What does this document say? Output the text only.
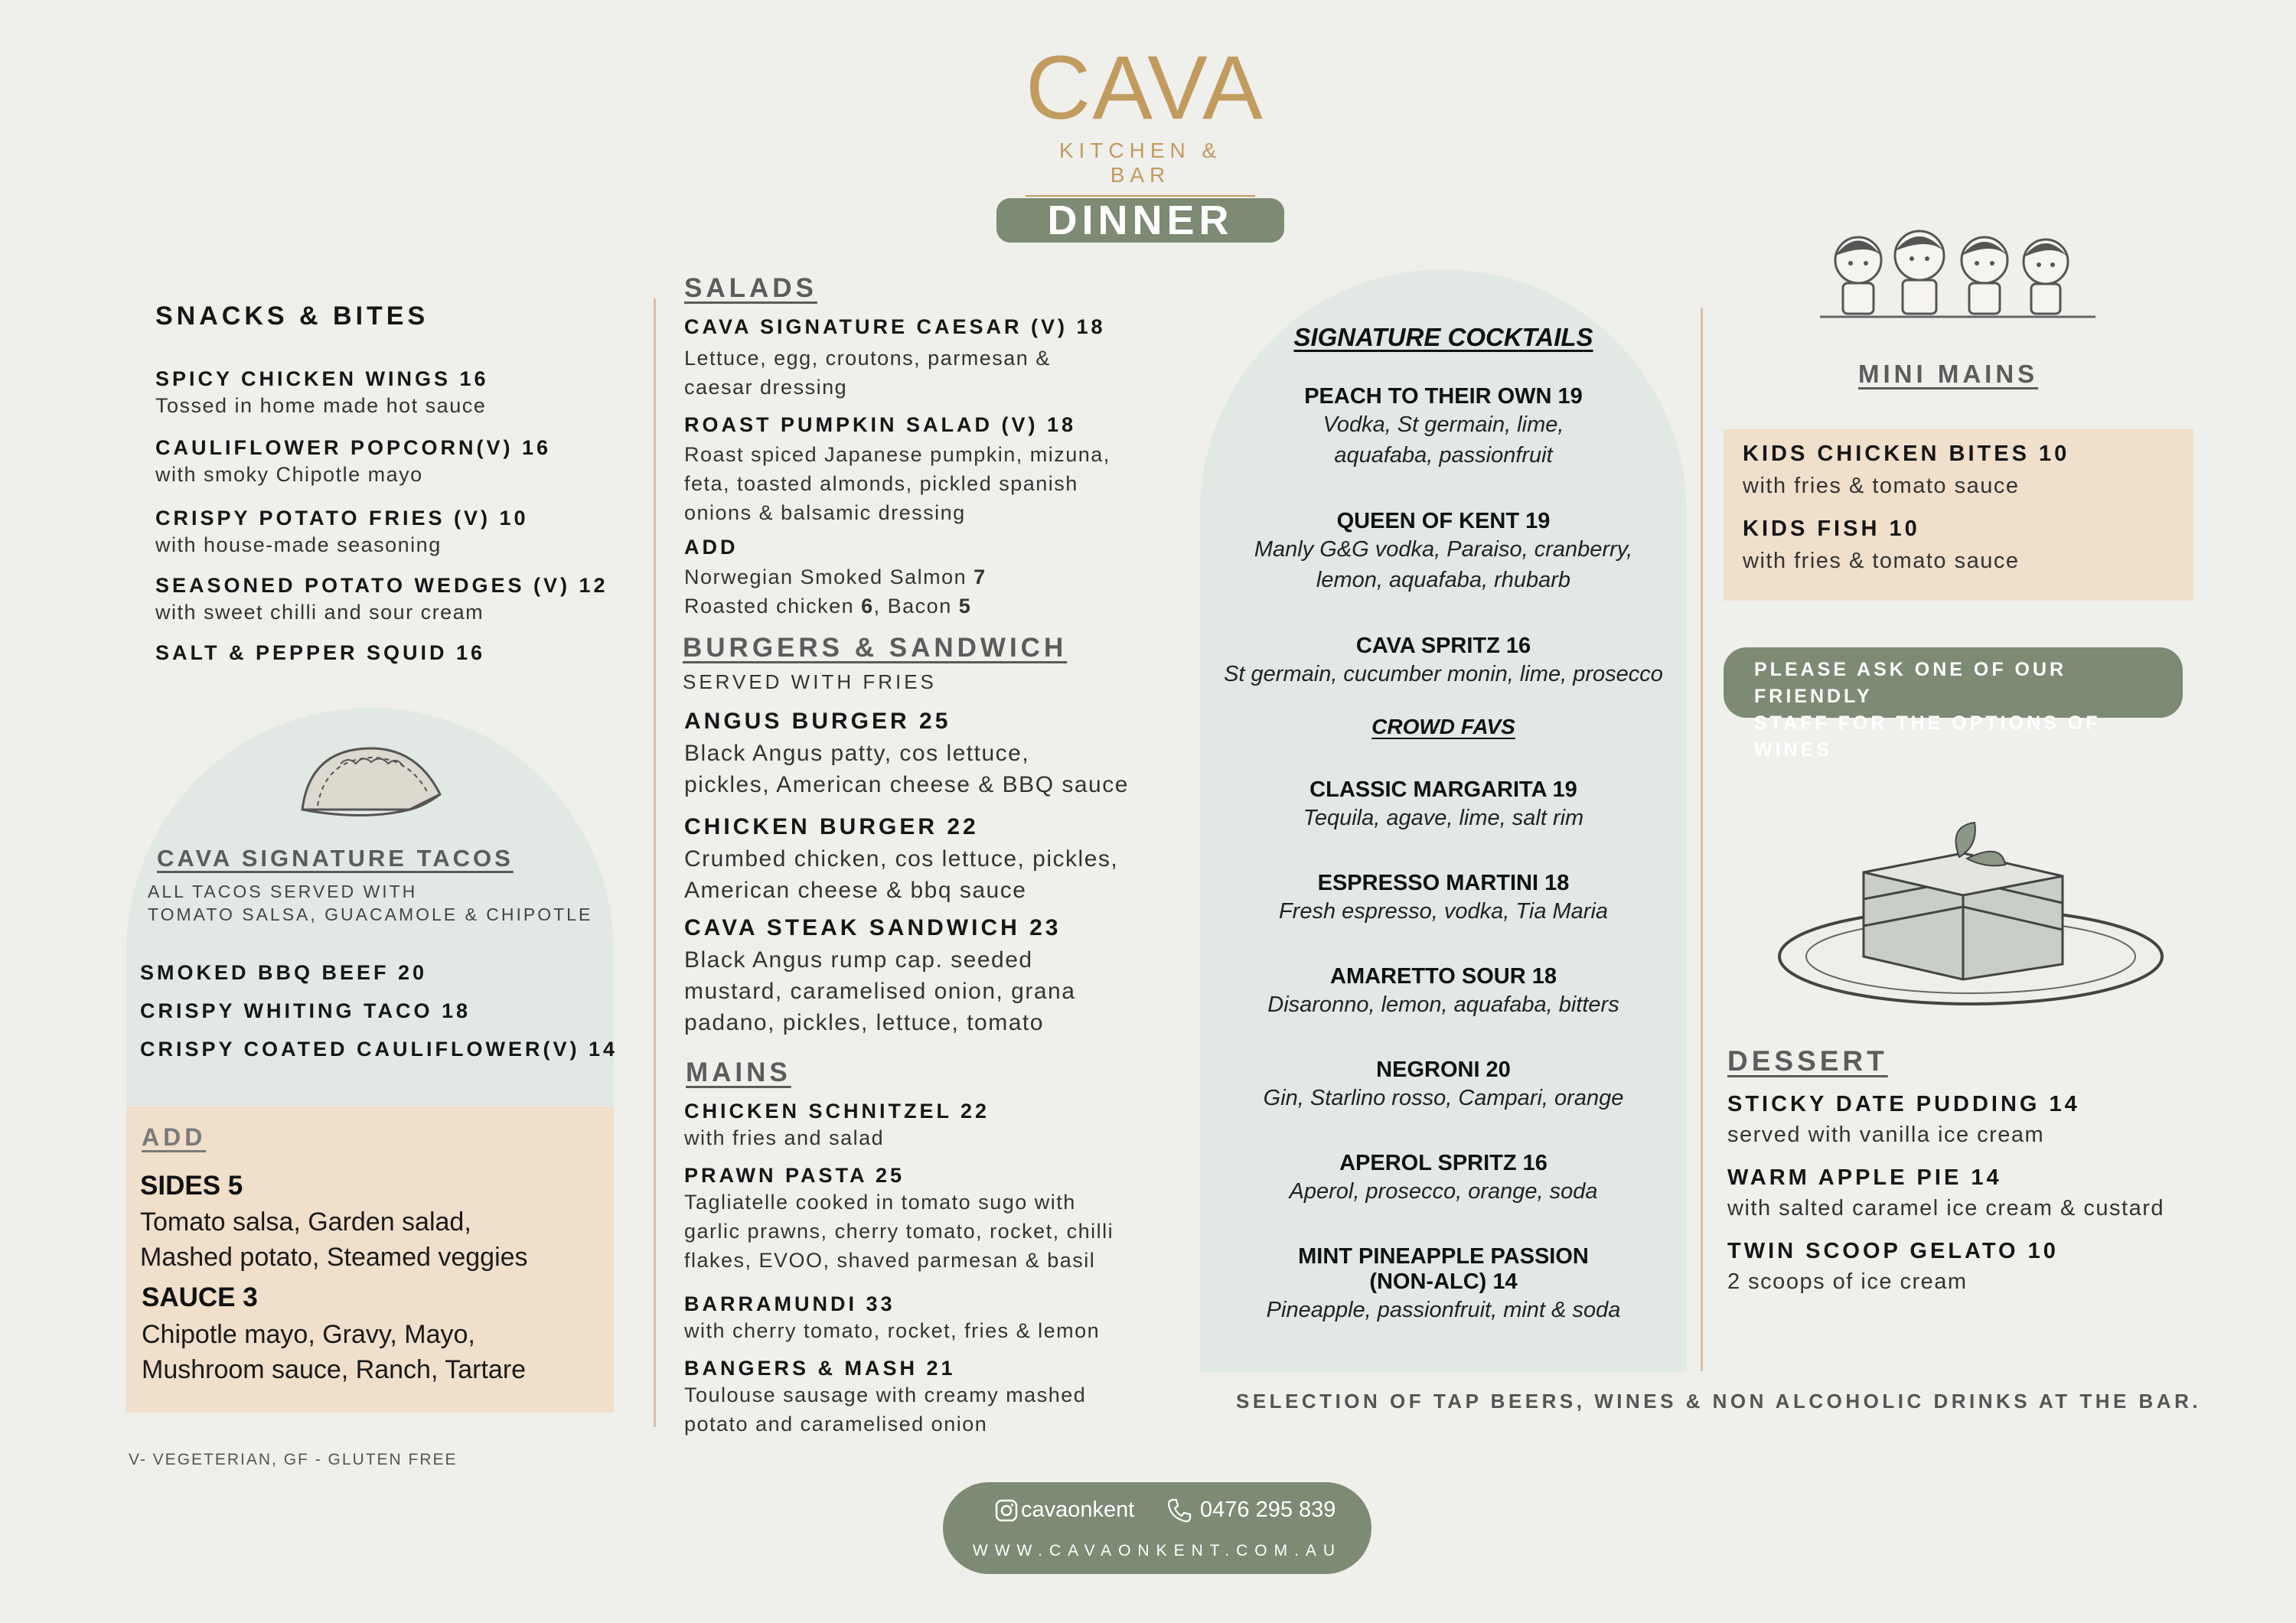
CAVA
KITCHEN & BAR
DINNER
SNACKS & BITES
SPICY CHICKEN WINGS 16
Tossed in home made hot sauce
CAULIFLOWER POPCORN(V) 16
with smoky Chipotle mayo
CRISPY POTATO FRIES (V) 10
with house-made seasoning
SEASONED POTATO WEDGES (V) 12
with sweet chilli and sour cream
SALT & PEPPER SQUID 16
CAVA SIGNATURE TACOS
ALL TACOS SERVED WITH
TOMATO SALSA, GUACAMOLE & CHIPOTLE
SMOKED BBQ BEEF 20
CRISPY WHITING TACO 18
CRISPY COATED CAULIFLOWER(V) 14
ADD
SIDES 5
Tomato salsa, Garden salad,
Mashed potato, Steamed veggies
SAUCE 3
Chipotle mayo, Gravy, Mayo,
Mushroom sauce, Ranch, Tartare
V- VEGETERIAN, GF - GLUTEN FREE
SALADS
CAVA SIGNATURE CAESAR (V) 18
Lettuce, egg, croutons, parmesan &
caesar dressing
ROAST PUMPKIN SALAD (V) 18
Roast spiced Japanese pumpkin, mizuna,
feta, toasted almonds, pickled spanish
onions & balsamic dressing
ADD
Norwegian Smoked Salmon 7
Roasted chicken 6, Bacon 5
BURGERS & SANDWICH
SERVED WITH FRIES
ANGUS BURGER 25
Black Angus patty, cos lettuce,
pickles, American cheese & BBQ sauce
CHICKEN BURGER 22
Crumbed chicken, cos lettuce, pickles,
American cheese & bbq sauce
CAVA STEAK SANDWICH 23
Black Angus rump cap. seeded
mustard, caramelised onion, grana
padano, pickles, lettuce, tomato
MAINS
CHICKEN SCHNITZEL 22
with fries and salad
PRAWN PASTA 25
Tagliatelle cooked in tomato sugo with
garlic prawns, cherry tomato, rocket, chilli
flakes, EVOO, shaved parmesan & basil
BARRAMUNDI 33
with cherry tomato, rocket, fries & lemon
BANGERS & MASH 21
Toulouse sausage with creamy mashed
potato and caramelised onion
SIGNATURE COCKTAILS
PEACH TO THEIR OWN 19
Vodka, St germain, lime,
aquafaba, passionfruit
QUEEN OF KENT 19
Manly G&G vodka, Paraiso, cranberry,
lemon, aquafaba, rhubarb
CAVA SPRITZ 16
St germain, cucumber monin, lime, prosecco
CROWD FAVS
CLASSIC MARGARITA 19
Tequila, agave, lime, salt rim
ESPRESSO MARTINI 18
Fresh espresso, vodka, Tia Maria
AMARETTO SOUR 18
Disaronno, lemon, aquafaba, bitters
NEGRONI 20
Gin, Starlino rosso, Campari, orange
APEROL SPRITZ 16
Aperol, prosecco, orange, soda
MINT PINEAPPLE PASSION
(NON-ALC) 14
Pineapple, passionfruit, mint & soda
SELECTION OF TAP BEERS, WINES & NON ALCOHOLIC DRINKS AT THE BAR.
MINI MAINS
KIDS CHICKEN BITES 10
with fries & tomato sauce
KIDS FISH 10
with fries & tomato sauce
PLEASE ASK ONE OF OUR FRIENDLY
STAFF FOR THE OPTIONS OF WINES
DESSERT
STICKY DATE PUDDING 14
served with vanilla ice cream
WARM APPLE PIE 14
with salted caramel ice cream & custard
TWIN SCOOP GELATO 10
2 scoops of ice cream
cavaonkent	0476 295 839
WWW.CAVAONKENT.COM.AU
